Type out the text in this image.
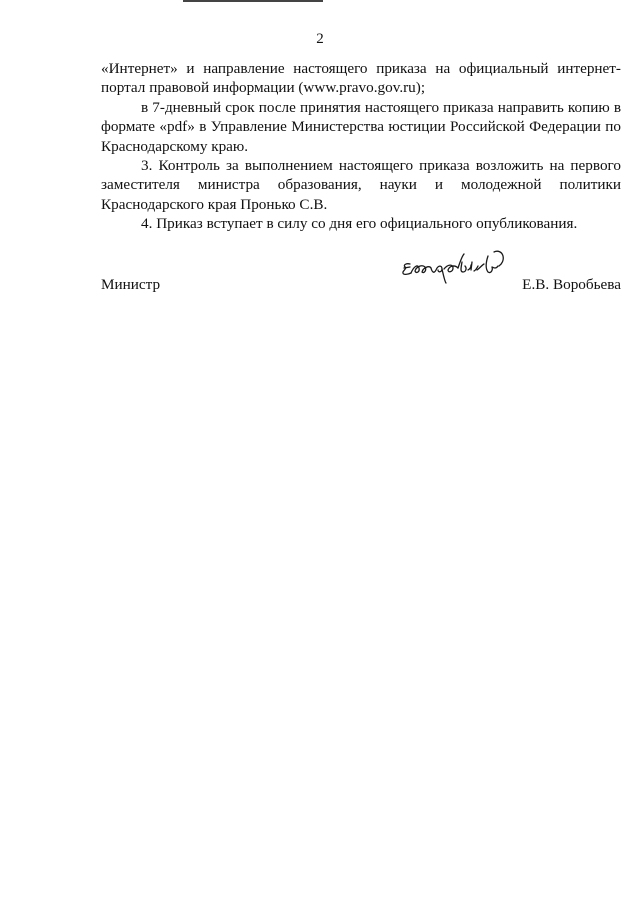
2

«Интернет» и направление настоящего приказа на официальный интернет-портал правовой информации (www.pravo.gov.ru);

в 7-дневный срок после принятия настоящего приказа направить копию в формате «pdf» в Управление Министерства юстиции Российской Федерации по Краснодарскому краю.

3. Контроль за выполнением настоящего приказа возложить на первого заместителя министра образования, науки и молодежной политики Краснодарского края Пронько С.В.

4. Приказ вступает в силу со дня его официального опубликования.

Министр	Е.В. Воробьева
